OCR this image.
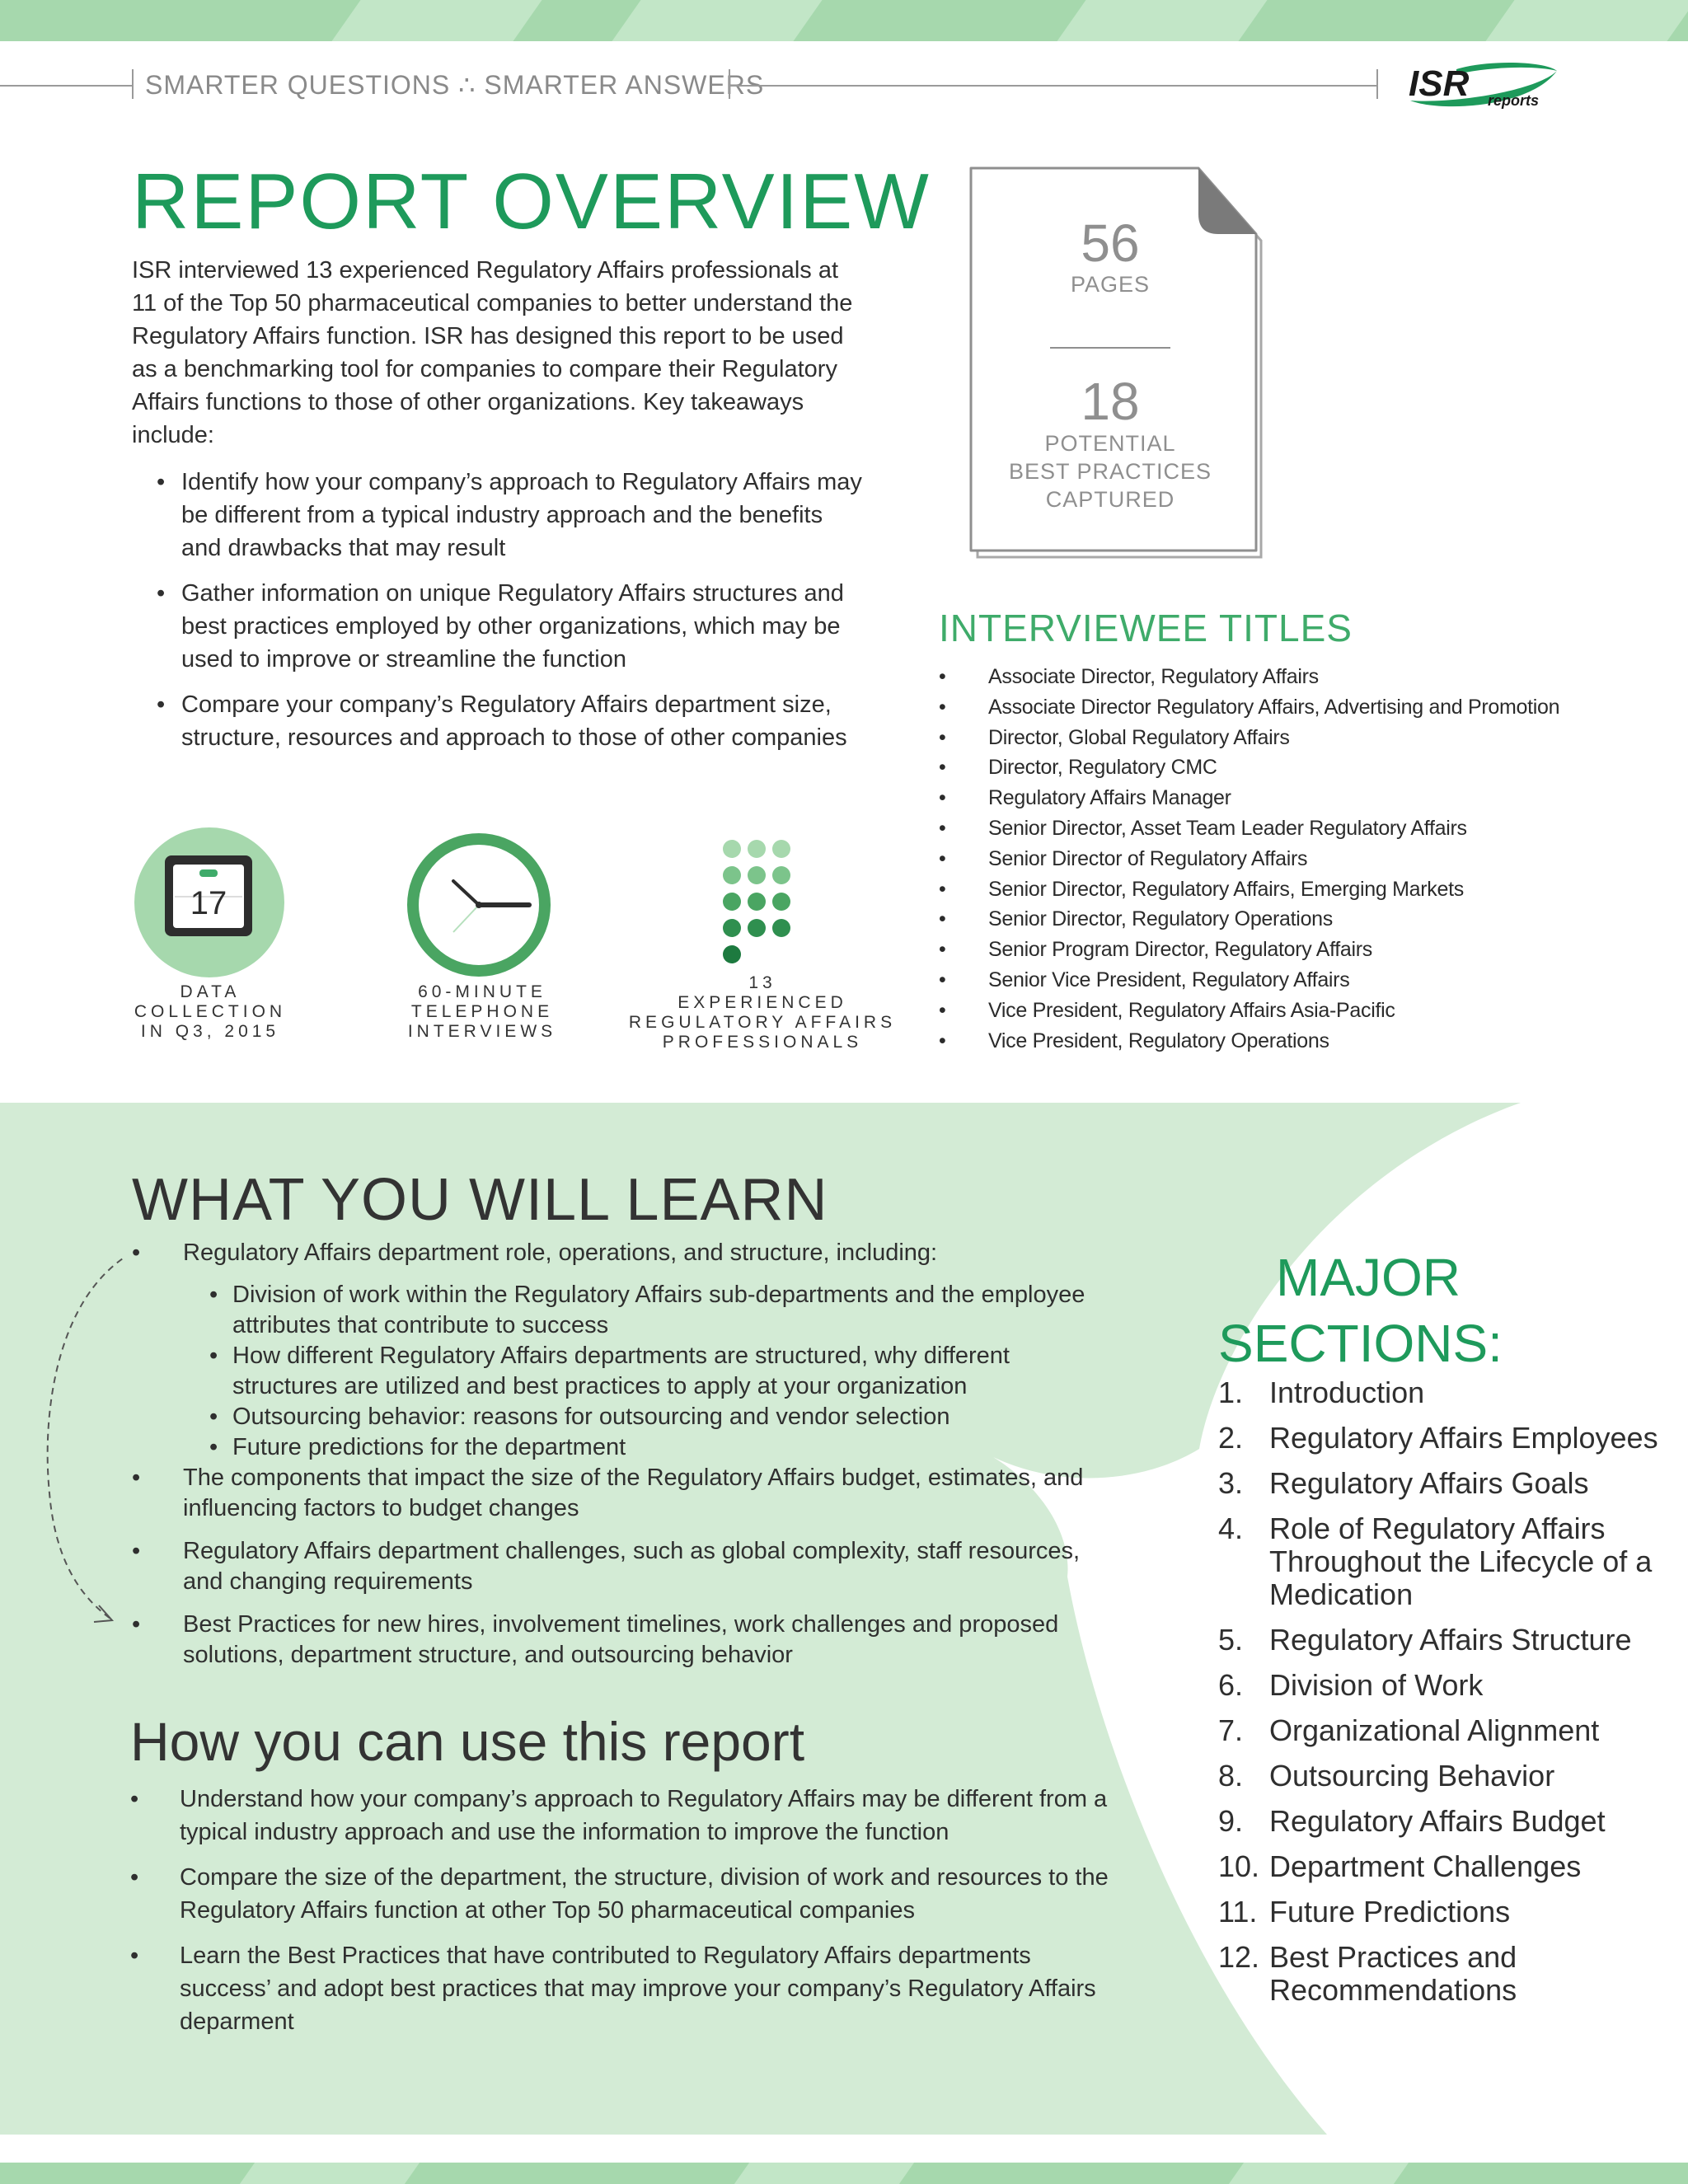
SMARTER QUESTIONS ∴ SMARTER ANSWERS	ISR reports
REPORT OVERVIEW

ISR interviewed 13 experienced Regulatory Affairs professionals at 11 of the Top 50 pharmaceutical companies to better understand the Regulatory Affairs function. ISR has designed this report to be used as a benchmarking tool for companies to compare their Regulatory Affairs functions to those of other organizations. Key takeaways include:

• Identify how your company’s approach to Regulatory Affairs may be different from a typical industry approach and the benefits and drawbacks that may result
• Gather information on unique Regulatory Affairs structures and best practices employed by other organizations, which may be used to improve or streamline the function
• Compare your company’s Regulatory Affairs department size, structure, resources and approach to those of other companies
56
PAGES
18
POTENTIAL
BEST PRACTICES
CAPTURED
17
DATA
COLLECTION
IN Q3, 2015
60-MINUTE
TELEPHONE
INTERVIEWS
13
EXPERIENCED
REGULATORY AFFAIRS
PROFESSIONALS
INTERVIEWEE TITLES
• Associate Director, Regulatory Affairs
• Associate Director Regulatory Affairs, Advertising and Promotion
• Director, Global Regulatory Affairs
• Director, Regulatory CMC
• Regulatory Affairs Manager
• Senior Director, Asset Team Leader Regulatory Affairs
• Senior Director of Regulatory Affairs
• Senior Director, Regulatory Affairs, Emerging Markets
• Senior Director, Regulatory Operations
• Senior Program Director, Regulatory Affairs
• Senior Vice President, Regulatory Affairs
• Vice President, Regulatory Affairs Asia-Pacific
• Vice President, Regulatory Operations
WHAT YOU WILL LEARN
• Regulatory Affairs department role, operations, and structure, including:
• Division of work within the Regulatory Affairs sub-departments and the employee attributes that contribute to success
• How different Regulatory Affairs departments are structured, why different structures are utilized and best practices to apply at your organization
• Outsourcing behavior: reasons for outsourcing and vendor selection
• Future predictions for the department
• The components that impact the size of the Regulatory Affairs budget, estimates, and influencing factors to budget changes
• Regulatory Affairs department challenges, such as global complexity, staff resources, and changing requirements
• Best Practices for new hires, involvement timelines, work challenges and proposed solutions, department structure, and outsourcing behavior
How you can use this report
• Understand how your company’s approach to Regulatory Affairs may be different from a typical industry approach and use the information to improve the function
• Compare the size of the department, the structure, division of work and resources to the Regulatory Affairs function at other Top 50 pharmaceutical companies
• Learn the Best Practices that have contributed to Regulatory Affairs departments success’ and adopt best practices that may improve your company’s Regulatory Affairs deparment
MAJOR
SECTIONS:
1. Introduction
2. Regulatory Affairs Employees
3. Regulatory Affairs Goals
4. Role of Regulatory Affairs Throughout the Lifecycle of a Medication
5. Regulatory Affairs Structure
6. Division of Work
7. Organizational Alignment
8. Outsourcing Behavior
9. Regulatory Affairs Budget
10. Department Challenges
11. Future Predictions
12. Best Practices and Recommendations
